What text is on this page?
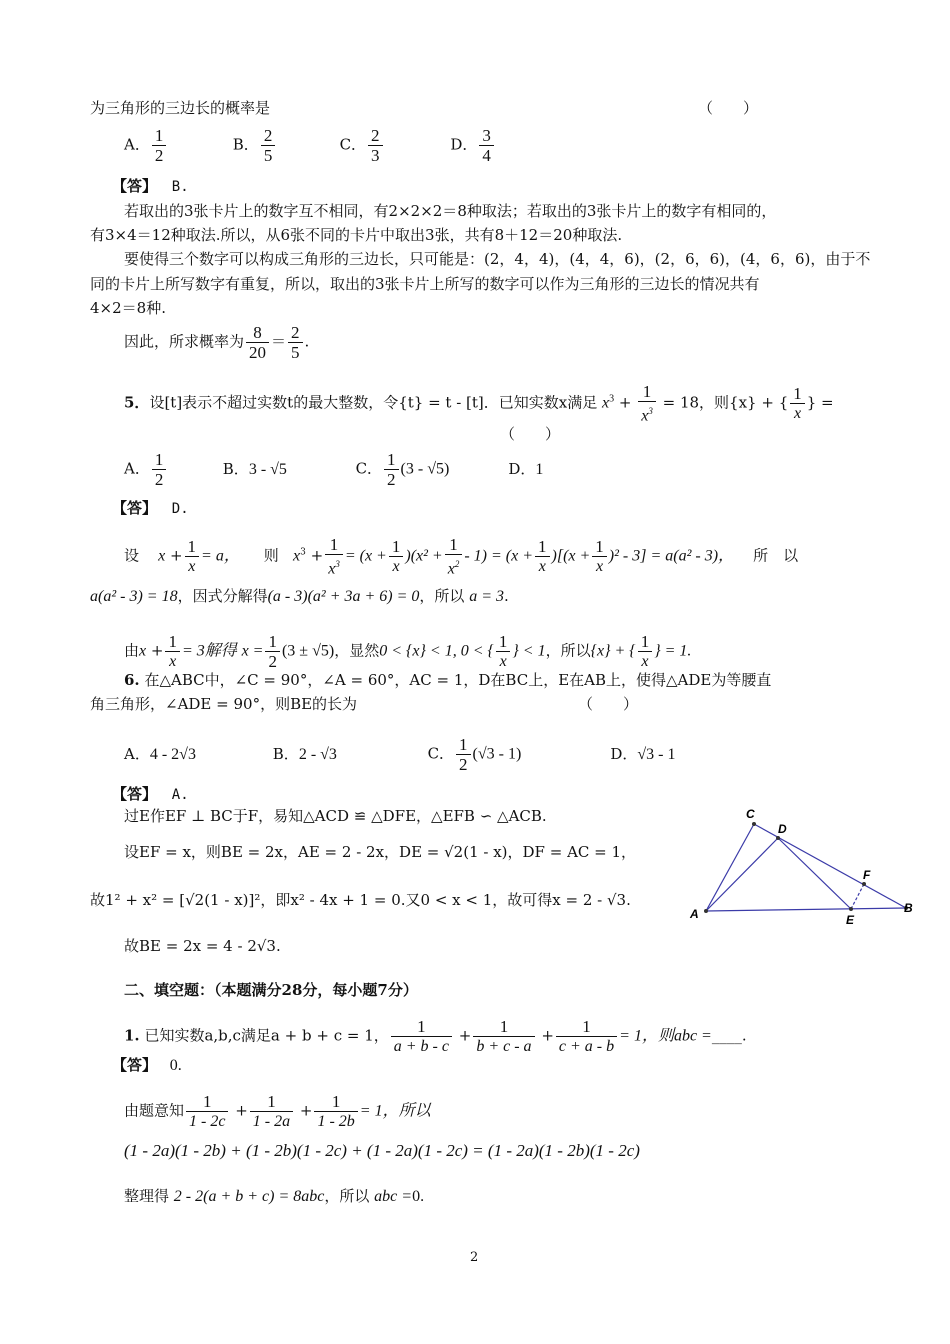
为三角形的三边长的概率是	（　　）
A． $\frac{1}{2}$	B． $\frac{2}{5}$	C． $\frac{2}{3}$	D． $\frac{3}{4}$
【答】 B.
若取出的3张卡片上的数字互不相同，有2×2×2＝8种取法；若取出的3张卡片上的数字有相同的，
有3×4＝12种取法.所以，从6张不同的卡片中取出3张，共有8＋12＝20种取法.
要使得三个数字可以构成三角形的三边长，只可能是：(2，4，4)，(4，4，6)，(2，6，6)，(4，6，6)，由于不
同的卡片上所写数字有重复，所以，取出的3张卡片上所写的数字可以作为三角形的三边长的情况共有
4×2＝8种.
因此，所求概率为 $\frac{8}{20} = \frac{2}{5}$ .
5．设[t]表示不超过实数t的最大整数，令{t} = t - [t]．已知实数x满足 $x^3 + \frac{1}{x^3} = 18$，则{x} + { $\frac{1}{x}$ } =
（　　）
A． $\frac{1}{2}$	B．3 - √5	C． $\frac{1}{2} (3 - √5)$	D．1
【答】 D.
设 $x + \frac{1}{x} = a$， 则 $x^3 + \frac{1}{x^3} = (x + \frac{1}{x} )(x^2 + \frac{1}{x^2} - 1) = (x + \frac{1}{x} )[(x + \frac{1}{x} )^2 - 3] = a(a^2 - 3)$， 所　以
a(a² - 3) = 18，因式分解得(a - 3)(a² + 3a + 6) = 0，所以 a = 3.
由$x + \frac{1}{x} = 3$解得 $x = \frac{1}{2} (3 \pm √5)$，显然0 < {x} < 1, 0 < { $\frac{1}{x}$ } < 1，所以{x} + { $\frac{1}{x}$ } = 1.
6. 在△ABC中，∠C = 90°，∠A = 60°，AC = 1，D在BC上，E在AB上，使得△ADE为等腰直
角三角形，∠ADE = 90°，则BE的长为	（　　）
A．4 - 2√3	B．2 - √3	C． $\frac{1}{2} (√3 - 1)$	D．√3 - 1
【答】 A.
过E作EF ⊥ BC于F，易知△ACD ≌ △DFE，△EFB ∽ △ACB.
设EF = x，则BE = 2x，AE = 2 - 2x，DE = √2(1 - x)，DF = AC = 1，
故1² + x² = [√2(1 - x)]²，即x² - 4x + 1 = 0.又0 < x < 1，故可得x = 2 - √3.
故BE = 2x = 4 - 2√3.
C
D
F
A	E
B
二、填空题：（本题满分28分，每小题7分）
1. 已知实数a,b,c满足a + b + c = 1， $\frac{1}{a + b - c} + \frac{1}{b + c - a} + \frac{1}{c + a - b} = 1$，则abc =____.
【答】 0.
由题意知 $\frac{1}{1 - 2c} + \frac{1}{1 - 2a} + \frac{1}{1 - 2b} = 1$，所以
(1 - 2a)(1 - 2b) + (1 - 2b)(1 - 2c) + (1 - 2a)(1 - 2c) = (1 - 2a)(1 - 2b)(1 - 2c)
整理得 2 - 2(a + b + c) = 8abc，所以 abc =0.
2
